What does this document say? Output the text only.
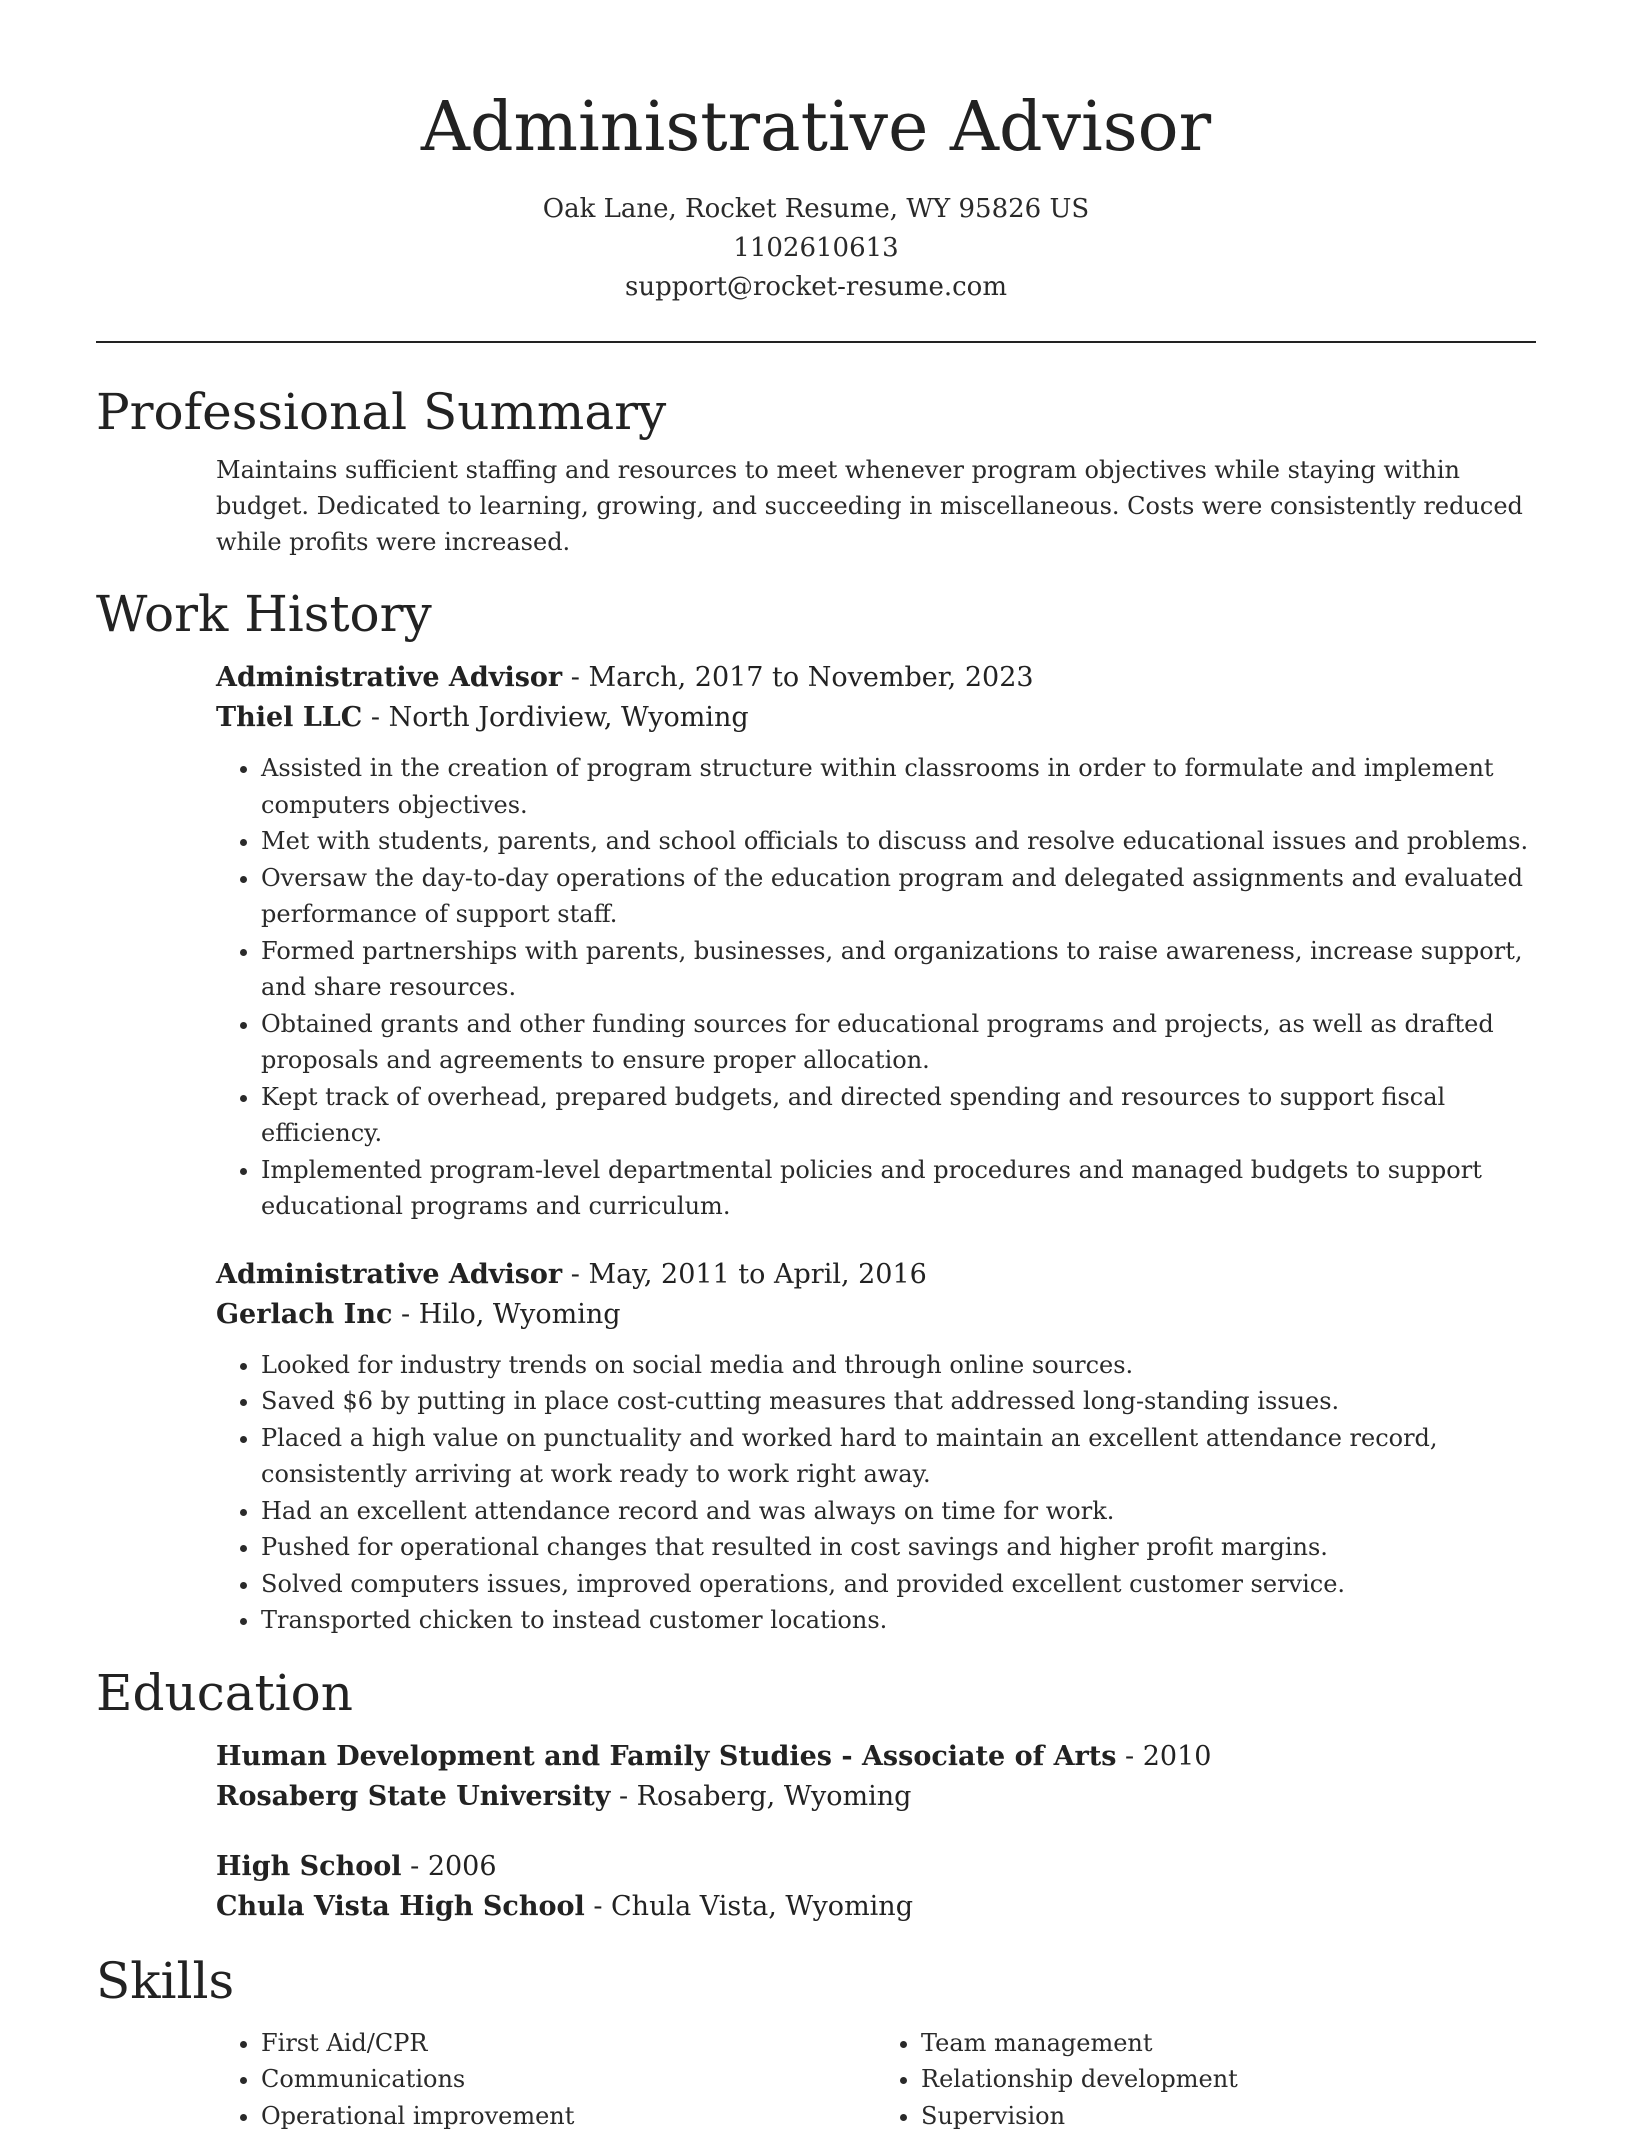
Administrative Advisor
Oak Lane, Rocket Resume, WY 95826 US
1102610613
support@rocket-resume.com
Professional Summary
Maintains sufficient staffing and resources to meet whenever program objectives while staying within budget. Dedicated to learning, growing, and succeeding in miscellaneous. Costs were consistently reduced while profits were increased.
Work History
Administrative Advisor - March, 2017 to November, 2023
Thiel LLC - North Jordiview, Wyoming
• Assisted in the creation of program structure within classrooms in order to formulate and implement computers objectives.
• Met with students, parents, and school officials to discuss and resolve educational issues and problems.
• Oversaw the day-to-day operations of the education program and delegated assignments and evaluated performance of support staff.
• Formed partnerships with parents, businesses, and organizations to raise awareness, increase support, and share resources.
• Obtained grants and other funding sources for educational programs and projects, as well as drafted proposals and agreements to ensure proper allocation.
• Kept track of overhead, prepared budgets, and directed spending and resources to support fiscal efficiency.
• Implemented program-level departmental policies and procedures and managed budgets to support educational programs and curriculum.
Administrative Advisor - May, 2011 to April, 2016
Gerlach Inc - Hilo, Wyoming
• Looked for industry trends on social media and through online sources.
• Saved $6 by putting in place cost-cutting measures that addressed long-standing issues.
• Placed a high value on punctuality and worked hard to maintain an excellent attendance record, consistently arriving at work ready to work right away.
• Had an excellent attendance record and was always on time for work.
• Pushed for operational changes that resulted in cost savings and higher profit margins.
• Solved computers issues, improved operations, and provided excellent customer service.
• Transported chicken to instead customer locations.
Education
Human Development and Family Studies - Associate of Arts - 2010
Rosaberg State University - Rosaberg, Wyoming
High School - 2006
Chula Vista High School - Chula Vista, Wyoming
Skills
• First Aid/CPR
• Communications
• Operational improvement
• Team management
• Relationship development
• Supervision
